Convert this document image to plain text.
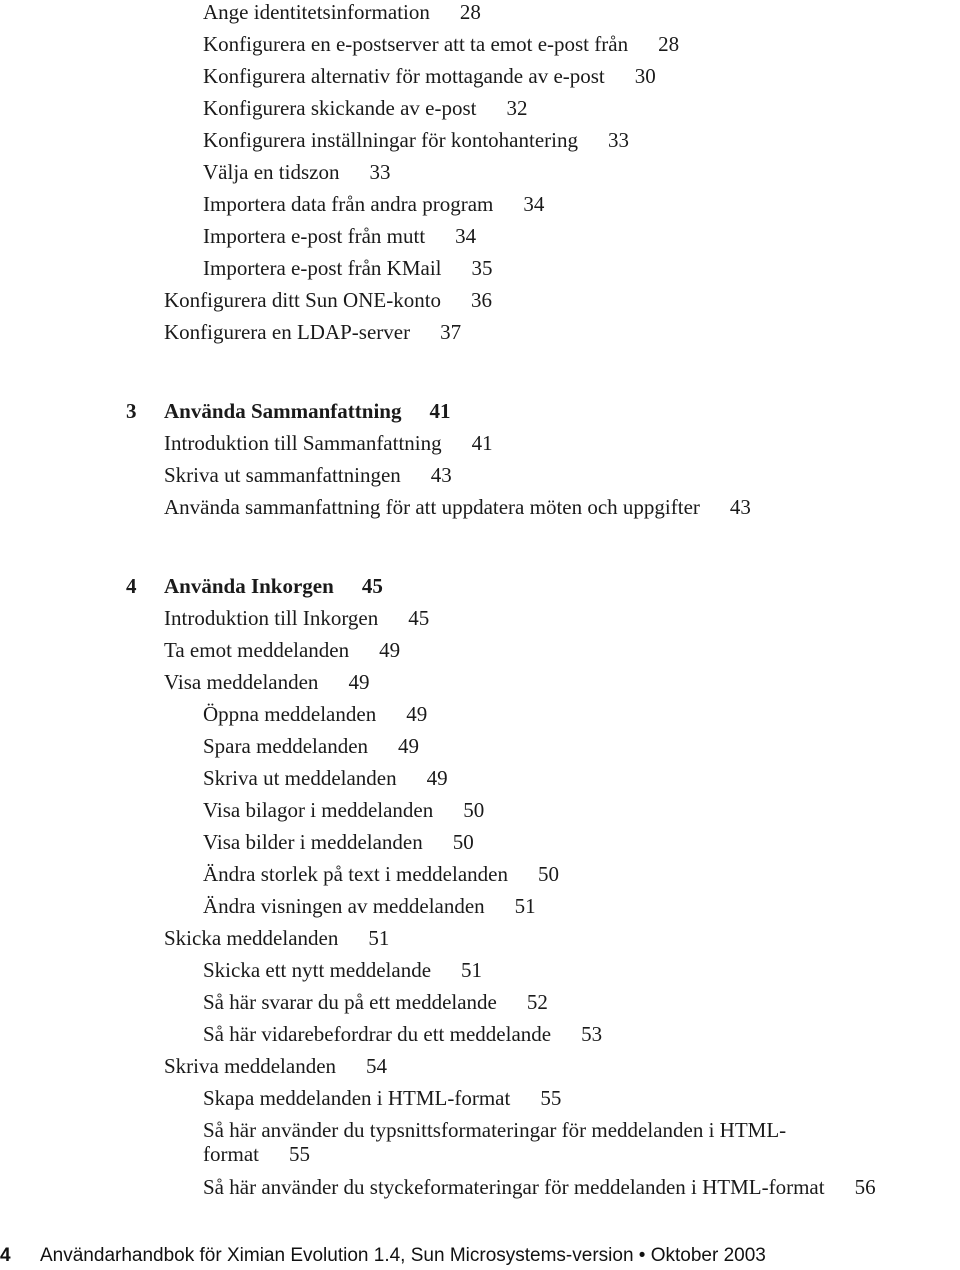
Ange identitetsinformation 28
Konfigurera en e-postserver att ta emot e-post från 28
Konfigurera alternativ för mottagande av e-post 30
Konfigurera skickande av e-post 32
Konfigurera inställningar för kontohantering 33
Välja en tidszon 33
Importera data från andra program 34
Importera e-post från mutt 34
Importera e-post från KMail 35
Konfigurera ditt Sun ONE-konto 36
Konfigurera en LDAP-server 37
3 Använda Sammanfattning 41
Introduktion till Sammanfattning 41
Skriva ut sammanfattningen 43
Använda sammanfattning för att uppdatera möten och uppgifter 43
4 Använda Inkorgen 45
Introduktion till Inkorgen 45
Ta emot meddelanden 49
Visa meddelanden 49
Öppna meddelanden 49
Spara meddelanden 49
Skriva ut meddelanden 49
Visa bilagor i meddelanden 50
Visa bilder i meddelanden 50
Ändra storlek på text i meddelanden 50
Ändra visningen av meddelanden 51
Skicka meddelanden 51
Skicka ett nytt meddelande 51
Så här svarar du på ett meddelande 52
Så här vidarebefordrar du ett meddelande 53
Skriva meddelanden 54
Skapa meddelanden i HTML-format 55
Så här använder du typsnittsformateringar för meddelanden i HTML-format 55
Så här använder du styckeformateringar för meddelanden i HTML-format 56
4 Användarhandbok för Ximian Evolution 1.4, Sun Microsystems-version • Oktober 2003
